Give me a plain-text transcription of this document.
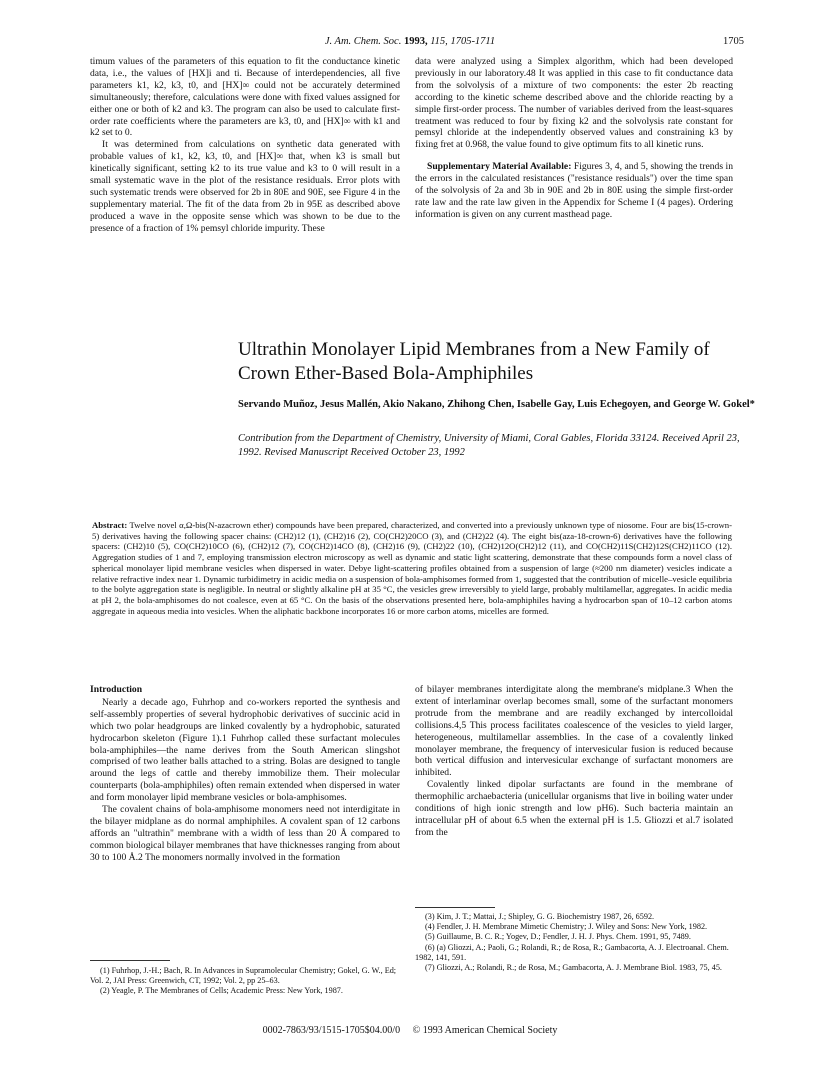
J. Am. Chem. Soc. 1993, 115, 1705-1711	1705

timum values of the parameters of this equation to fit the conductance kinetic data, i.e., the values of [HX]i and ti. Because of interdependencies, all five parameters k1, k2, k3, t0, and [HX]∞ could not be accurately determined simultaneously; therefore, calculations were done with fixed values assigned for either one or both of k2 and k3. The program can also be used to calculate first-order rate coefficients where the parameters are k3, t0, and [HX]∞ with k1 and k2 set to 0.

It was determined from calculations on synthetic data generated with probable values of k1, k2, k3, t0, and [HX]∞ that, when k3 is small but kinetically significant, setting k2 to its true value and k3 to 0 will result in a small systematic wave in the plot of the resistance residuals. Error plots with such systematic trends were observed for 2b in 80E and 90E, see Figure 4 in the supplementary material. The fit of the data from 2b in 95E as described above produced a wave in the opposite sense which was shown to be due to the presence of a fraction of 1% pemsyl chloride impurity. These

data were analyzed using a Simplex algorithm, which had been developed previously in our laboratory.48 It was applied in this case to fit conductance data from the solvolysis of a mixture of two components: the ester 2b reacting according to the kinetic scheme described above and the chloride reacting by a simple first-order process. The number of variables derived from the least-squares treatment was reduced to four by fixing k2 and the solvolysis rate constant for pemsyl chloride at the independently observed values and constraining k3 by fixing fret at 0.968, the value found to give optimum fits to all kinetic runs.

Supplementary Material Available: Figures 3, 4, and 5, showing the trends in the errors in the calculated resistances ("resistance residuals") over the time span of the solvolysis of 2a and 3b in 90E and 2b in 80E using the simple first-order rate law and the rate law given in the Appendix for Scheme I (4 pages). Ordering information is given on any current masthead page.

Ultrathin Monolayer Lipid Membranes from a New Family of Crown Ether-Based Bola-Amphiphiles
Servando Muñoz, Jesus Mallén, Akio Nakano, Zhihong Chen, Isabelle Gay, Luis Echegoyen, and George W. Gokel*
Contribution from the Department of Chemistry, University of Miami, Coral Gables, Florida 33124. Received April 23, 1992. Revised Manuscript Received October 23, 1992
Abstract: Twelve novel α,Ω-bis(N-azacrown ether) compounds have been prepared, characterized, and converted into a previously unknown type of niosome. Four are bis(15-crown-5) derivatives having the following spacer chains: (CH2)12 (1), (CH2)16 (2), CO(CH2)20CO (3), and (CH2)22 (4). The eight bis(aza-18-crown-6) derivatives have the following spacers: (CH2)10 (5), CO(CH2)10CO (6), (CH2)12 (7), CO(CH2)14CO (8), (CH2)16 (9), (CH2)22 (10), (CH2)12O(CH2)12 (11), and CO(CH2)11S(CH2)12S(CH2)11CO (12). Aggregation studies of 1 and 7, employing transmission electron microscopy as well as dynamic and static light scattering, demonstrate that these compounds form a novel class of spherical monolayer lipid membrane vesicles when dispersed in water. Debye light-scattering profiles obtained from a suspension of large (≈200 nm diameter) vesicles indicate a relative refractive index near 1. Dynamic turbidimetry in acidic media on a suspension of bola-amphisomes formed from 1, suggested that the contribution of micelle–vesicle equilibria to the bolyte aggregation state is negligible. In neutral or slightly alkaline pH at 35 °C, the vesicles grew irreversibly to yield large, probably multilamellar, aggregates. In acidic media at pH 2, the bola-amphisomes do not coalesce, even at 65 °C. On the basis of the observations presented here, bola-amphiphiles having a hydrocarbon span of 10–12 carbon atoms aggregate in aqueous media into vesicles. When the aliphatic backbone incorporates 16 or more carbon atoms, micelles are formed.
Introduction

Nearly a decade ago, Fuhrhop and co-workers reported the synthesis and self-assembly properties of several hydrophobic derivatives of succinic acid in which two polar headgroups are linked covalently by a hydrophobic, saturated hydrocarbon skeleton (Figure 1).1 Fuhrhop called these surfactant molecules bola-amphiphiles—the name derives from the South American slingshot comprised of two leather balls attached to a string. Bolas are designed to tangle around the legs of cattle and thereby immobilize them. Their molecular counterparts (bola-amphiphiles) often remain extended when dispersed in water and form monolayer lipid membrane vesicles or bola-amphisomes.

The covalent chains of bola-amphisome monomers need not interdigitate in the bilayer midplane as do normal amphiphiles. A covalent span of 12 carbons affords an "ultrathin" membrane with a width of less than 20 Å compared to common biological bilayer membranes that have thicknesses ranging from about 30 to 100 Å.2 The monomers normally involved in the formation

(1) Fuhrhop, J.-H.; Bach, R. In Advances in Supramolecular Chemistry; Gokel, G. W., Ed; Vol. 2, JAI Press: Greenwich, CT, 1992; Vol. 2, pp 25–63.

(2) Yeagle, P. The Membranes of Cells; Academic Press: New York, 1987.

of bilayer membranes interdigitate along the membrane's midplane.3 When the extent of interlaminar overlap becomes small, some of the surfactant monomers protrude from the membrane and are readily exchanged by intercolloidal collisions.4,5 This process facilitates coalescence of the vesicles to yield larger, heterogeneous, multilamellar assemblies. In the case of a covalently linked monolayer membrane, the frequency of intervesicular fusion is reduced because both vertical diffusion and intervesicular exchange of surfactant monomers are inhibited.

Covalently linked dipolar surfactants are found in the membrane of thermophilic archaebacteria (unicellular organisms that live in boiling water under conditions of high ionic strength and low pH6). Such bacteria maintain an intracellular pH of about 6.5 when the external pH is 1.5. Gliozzi et al.7 isolated from the

(3) Kim, J. T.; Mattai, J.; Shipley, G. G. Biochemistry 1987, 26, 6592.

(4) Fendler, J. H. Membrane Mimetic Chemistry; J. Wiley and Sons: New York, 1982.

(5) Guillaume, B. C. R.; Yogev, D.; Fendler, J. H. J. Phys. Chem. 1991, 95, 7489.

(6) (a) Gliozzi, A.; Paoli, G.; Rolandi, R.; de Rosa, R.; Gambacorta, A. J. Electroanal. Chem. 1982, 141, 591.

(7) Gliozzi, A.; Rolandi, R.; de Rosa, M.; Gambacorta, A. J. Membrane Biol. 1983, 75, 45.

0002-7863/93/1515-1705$04.00/0 © 1993 American Chemical Society
